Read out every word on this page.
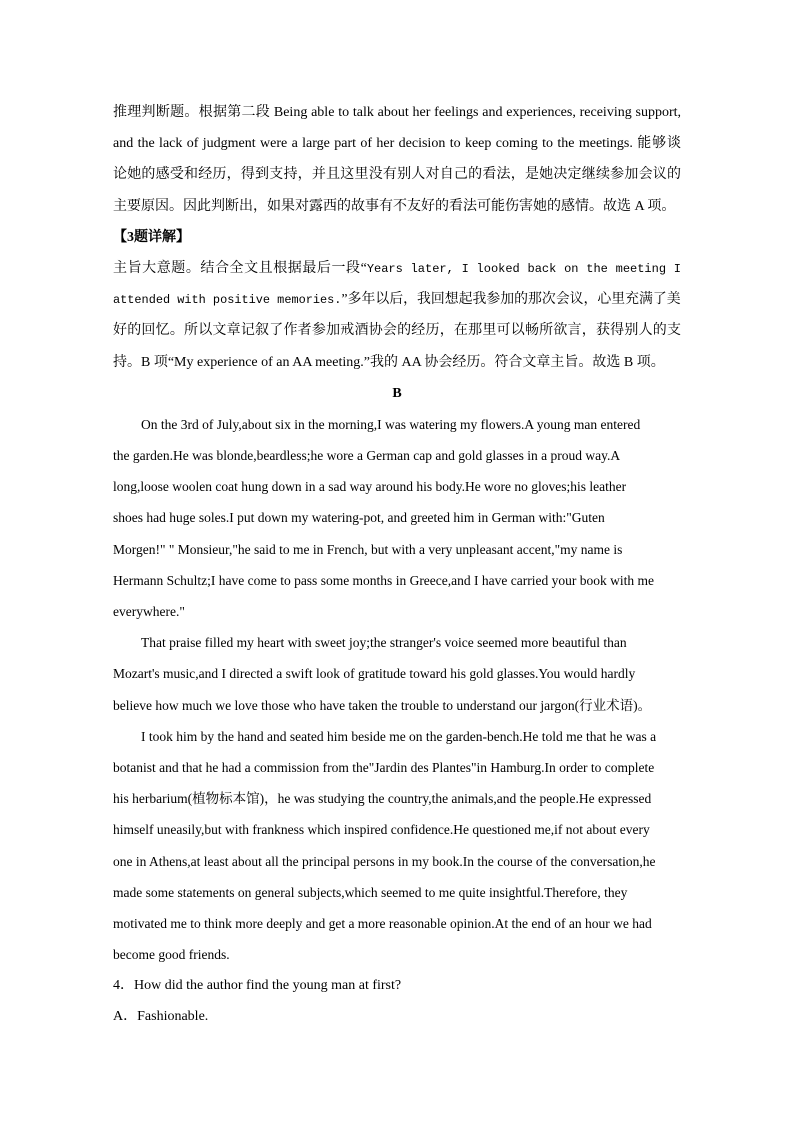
推理判断题。根据第二段 Being able to talk about her feelings and experiences, receiving support,
and the lack of judgment were a large part of her decision to keep coming to the meetings. 能够谈
论她的感受和经历，得到支持，并且这里没有别人对自己的看法，是她决定继续参加会议的
主要原因。因此判断出，如果对露西的故事有不友好的看法可能伤害她的感情。故选 A 项。
【3题详解】
主旨大意题。结合全文且根据最后一段“Years later, I looked back on the meeting I
attended with positive memories.”多年以后，我回想起我参加的那次会议，心里充满了美
好的回忆。所以文章记叙了作者参加戒酒协会的经历，在那里可以畅所欲言，获得别人的支
持。B 项“My experience of an AA meeting.”我的 AA 协会经历。符合文章主旨。故选 B 项。
B
On the 3rd of July,about six in the morning,I was watering my flowers.A young man entered
the garden.He was blonde,beardless;he wore a German cap and gold glasses in a proud way.A
long,loose woolen coat hung down in a sad way around his body.He wore no gloves;his leather
shoes had huge soles.I put down my watering-pot, and greeted him in German with:"Guten
Morgen!" " Monsieur,"he said to me in French, but with a very unpleasant accent,"my name is
Hermann Schultz;I have come to pass some months in Greece,and I have carried your book with me
everywhere."
That praise filled my heart with sweet joy;the stranger's voice seemed more beautiful than
Mozart's music,and I directed a swift look of gratitude toward his gold glasses.You would hardly
believe how much we love those who have taken the trouble to understand our jargon(行业术语)。
I took him by the hand and seated him beside me on the garden-bench.He told me that he was a
botanist and that he had a commission from the"Jardin des Plantes"in Hamburg.In order to complete
his herbarium(植物标本馆)，he was studying the country,the animals,and the people.He expressed
himself uneasily,but with frankness which inspired confidence.He questioned me,if not about every
one in Athens,at least about all the principal persons in my book.In the course of the conversation,he
made some statements on general subjects,which seemed to me quite insightful.Therefore, they
motivated me to think more deeply and get a more reasonable opinion.At the end of an hour we had
become good friends.
4．How did the author find the young man at first?
A．Fashionable.
